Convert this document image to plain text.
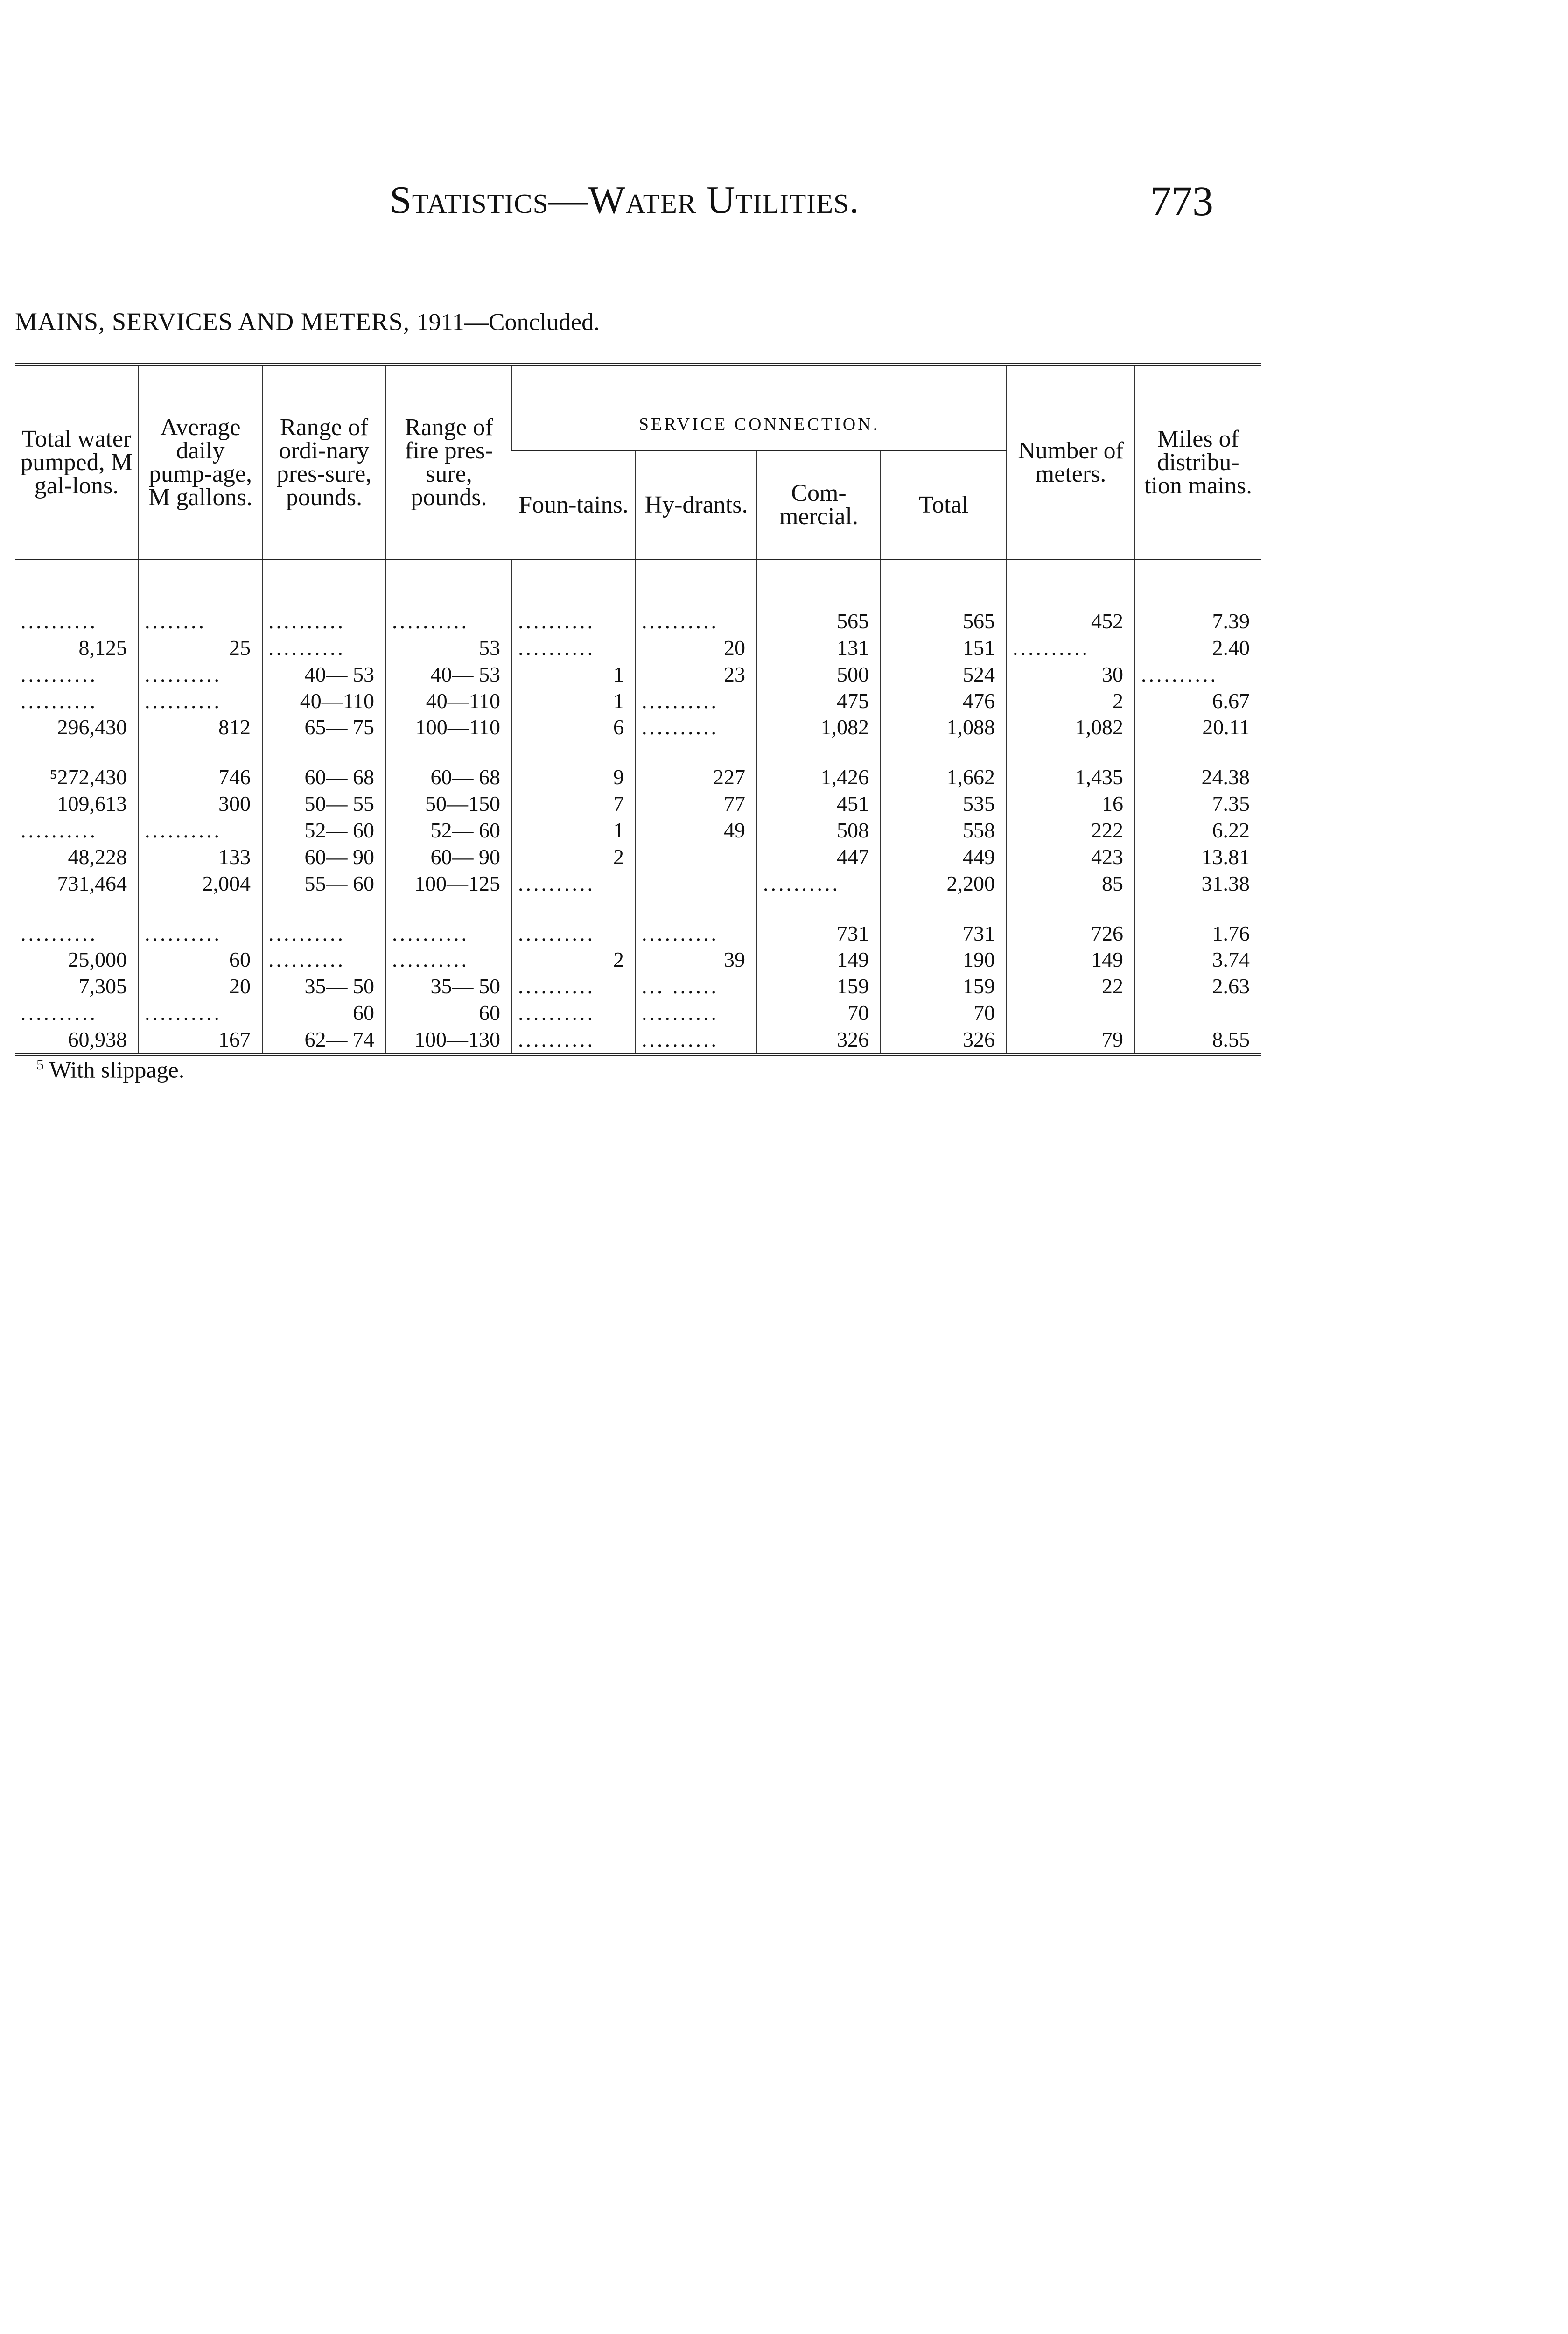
Statistics—Water Utilities.	773
MAINS, SERVICES AND METERS, 1911—Concluded.
Total water pumped, M gal-lons.	Average daily pump-age, M gallons.	Range of ordi-nary pres-sure, pounds.	Range of fire pres-sure, pounds.	SERVICE CONNECTION.				Number of meters.	Miles of distribu-tion mains.
				Foun-tains.	Hy-drants.	Com-mercial.	Total		

..........	........	..........	..........	..........	..........	565	565	452	7.39
8,125	25	..........	53	..........	20	131	151	..........	2.40
..........	..........	40— 53	40— 53	1	23	500	524	30	..........
..........	..........	40—110	40—110	1	..........	475	476	2	6.67
296,430	812	65— 75	100—110	6	..........	1,082	1,088	1,082	20.11

⁵272,430	746	60— 68	60— 68	9	227	1,426	1,662	1,435	24.38
109,613	300	50— 55	50—150	7	77	451	535	16	7.35
..........	..........	52— 60	52— 60	1	49	508	558	222	6.22
48,228	133	60— 90	60— 90	2		447	449	423	13.81
731,464	2,004	55— 60	100—125	..........		..........	2,200	85	31.38

..........	..........	..........	..........	..........	..........	731	731	726	1.76
25,000	60	..........	..........	2	39	149	190	149	3.74
7,305	20	35— 50	35— 50	..........	... ......	159	159	22	2.63
..........	..........	60	60	..........	..........	70	70		
60,938	167	62— 74	100—130	..........	..........	326	326	79	8.55
$^5$ With slippage.
